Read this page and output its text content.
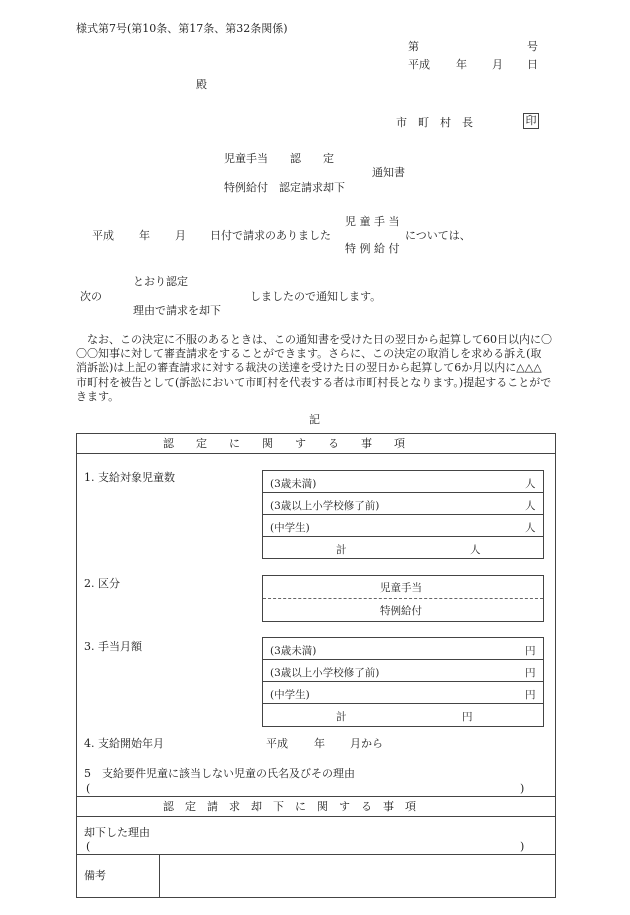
様式第7号(第10条、第17条、第32条関係)
第	号
平成 年 月 日
殿
市　町　村　長	印
児童手当　　認　　定
通知書
特例給付　認定請求却下
児 童 手 当
平成 年 月 日付で請求のありました	については、
特 例 給 付
とおり認定
次の	しましたので通知します。
理由で請求を却下
　なお、この決定に不服のあるときは、この通知書を受けた日の翌日から起算して60日以内に〇〇〇知事に対して審査請求をすることができます。さらに、この決定の取消しを求める訴え(取消訴訟)は上記の審査請求に対する裁決の送達を受けた日の翌日から起算して6か月以内に△△△市町村を被告として(訴訟において市町村を代表する者は市町村長となります。)提起することができます。
記
認　　定　　に　　関　　す　　る　　事　　項
1. 支給対象児童数	(3歳未満)	人
(3歳以上小学校修了前)	人
(中学生)	人
計	人
2. 区分	児童手当
特例給付
3. 手当月額	(3歳未満)	円
(3歳以上小学校修了前)	円
(中学生)	円
計	円
4. 支給開始年月	平成 年 月から
5　支給要件児童に該当しない児童の氏名及びその理由
(	)
認　定　請　求　却　下　に　関　す　る　事　項
却下した理由
(	)
備考
